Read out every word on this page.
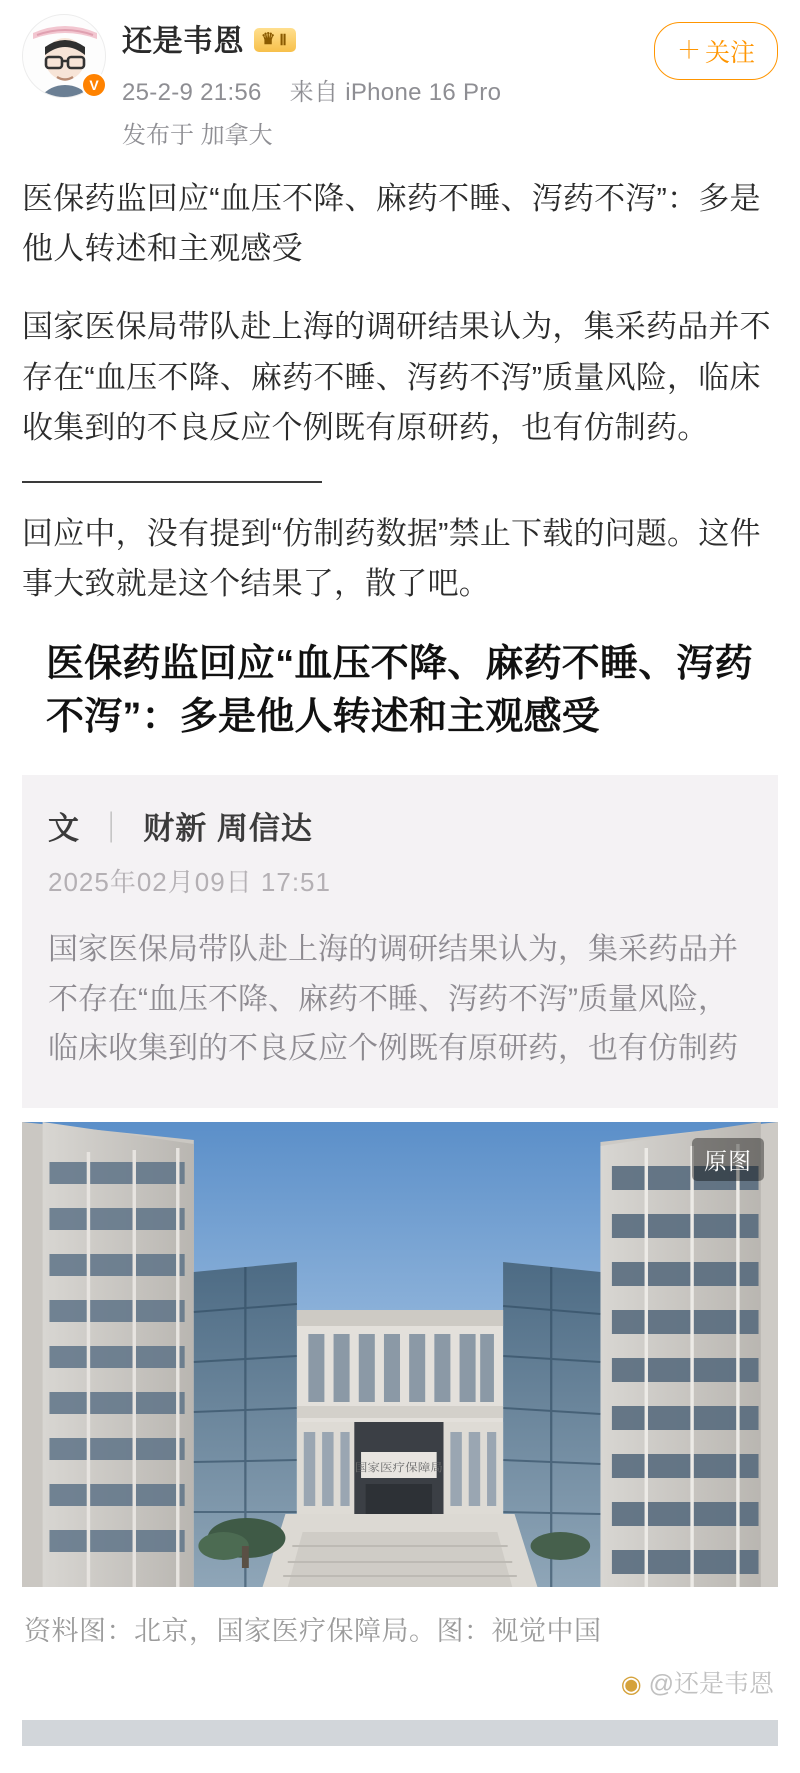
V
还是韦恩 ♛ Ⅱ
25-2-9 21:56 来自 iPhone 16 Pro
发布于 加拿大
＋ 关注
医保药监回应“血压不降、麻药不睡、泻药不泻”：多是他人转述和主观感受
国家医保局带队赴上海的调研结果认为，集采药品并不存在“血压不降、麻药不睡、泻药不泻”质量风险，临床收集到的不良反应个例既有原研药，也有仿制药。
回应中，没有提到“仿制药数据”禁止下载的问题。这件事大致就是这个结果了，散了吧。
医保药监回应“血压不降、麻药不睡、泻药不泻”：多是他人转述和主观感受
文 ｜ 财新 周信达
2025年02月09日 17:51
国家医保局带队赴上海的调研结果认为，集采药品并不存在“血压不降、麻药不睡、泻药不泻”质量风险，临床收集到的不良反应个例既有原研药，也有仿制药
国家医疗保障局
原图
资料图：北京，国家医疗保障局。图：视觉中国
◉ @还是韦恩
